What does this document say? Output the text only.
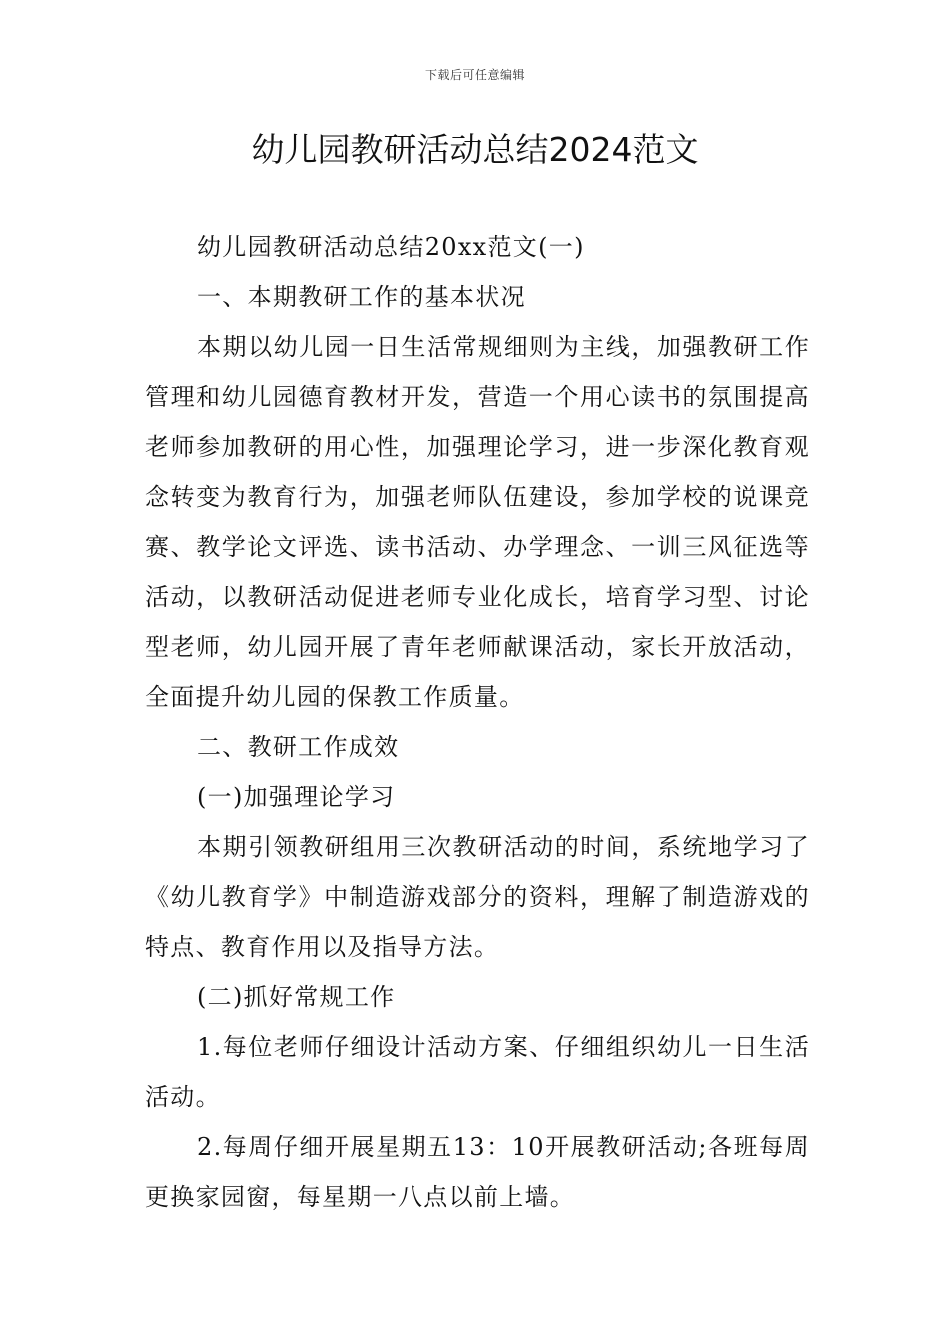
下载后可任意编辑
幼儿园教研活动总结2024范文

幼儿园教研活动总结20xx范文(一)

一、本期教研工作的基本状况

本期以幼儿园一日生活常规细则为主线，加强教研工作管理和幼儿园德育教材开发，营造一个用心读书的氛围提高老师参加教研的用心性，加强理论学习，进一步深化教育观念转变为教育行为，加强老师队伍建设，参加学校的说课竞赛、教学论文评选、读书活动、办学理念、一训三风征选等活动，以教研活动促进老师专业化成长，培育学习型、讨论型老师，幼儿园开展了青年老师献课活动，家长开放活动，全面提升幼儿园的保教工作质量。

二、教研工作成效

(一)加强理论学习

本期引领教研组用三次教研活动的时间，系统地学习了《幼儿教育学》中制造游戏部分的资料，理解了制造游戏的特点、教育作用以及指导方法。

(二)抓好常规工作

1.每位老师仔细设计活动方案、仔细组织幼儿一日生活活动。

2.每周仔细开展星期五13：10开展教研活动;各班每周更换家园窗，每星期一八点以前上墙。
